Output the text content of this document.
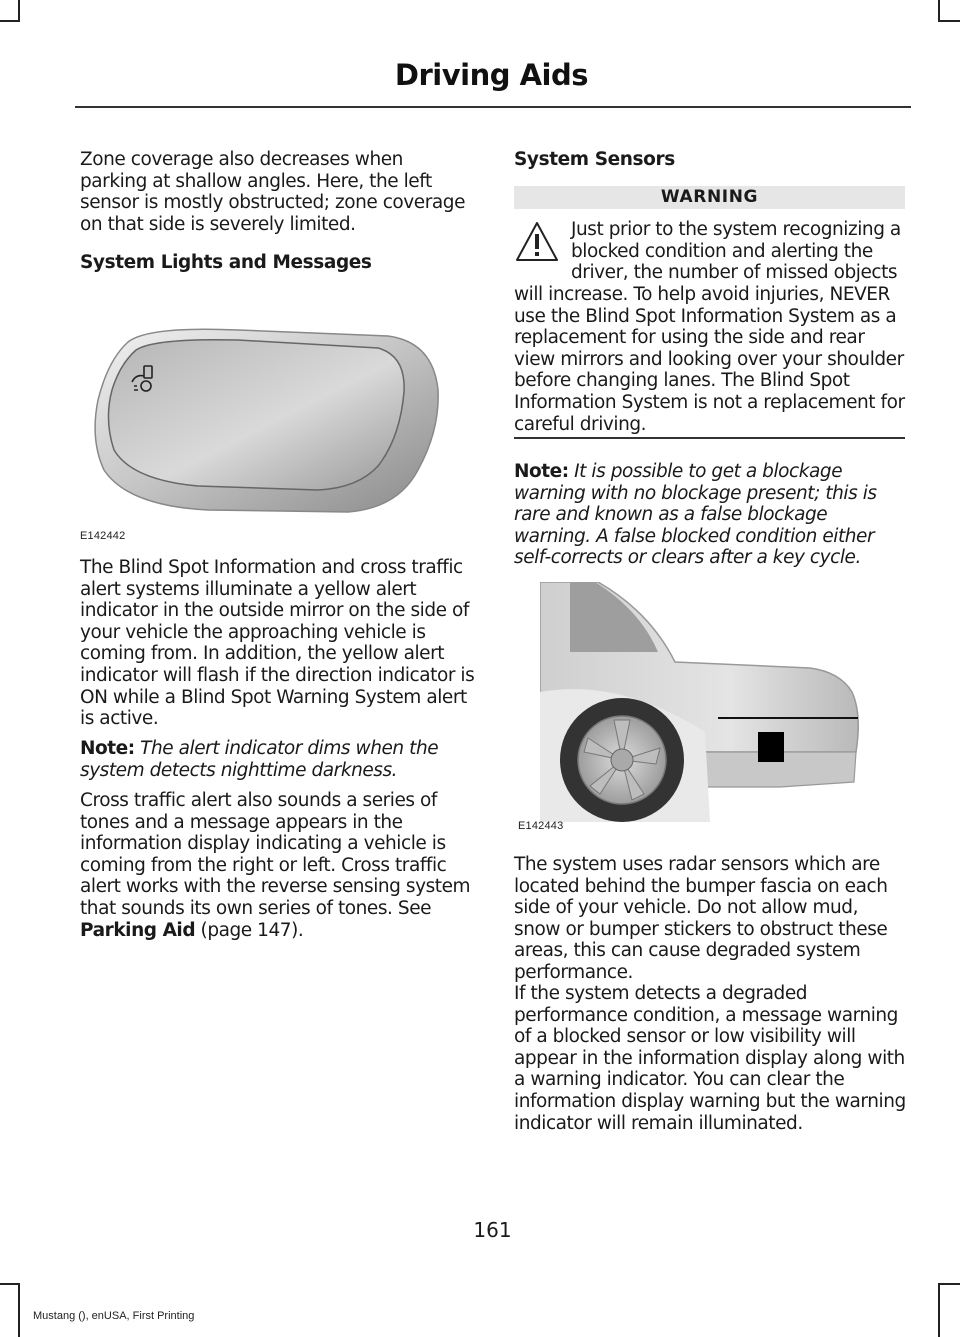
Driving Aids

Zone coverage also decreases when parking at shallow angles. Here, the left sensor is mostly obstructed; zone coverage on that side is severely limited.

System Lights and Messages
E142442

The Blind Spot Information and cross traffic alert systems illuminate a yellow alert indicator in the outside mirror on the side of your vehicle the approaching vehicle is coming from. In addition, the yellow alert indicator will flash if the direction indicator is ON while a Blind Spot Warning System alert is active.

Note: The alert indicator dims when the system detects nighttime darkness.

Cross traffic alert also sounds a series of tones and a message appears in the information display indicating a vehicle is coming from the right or left. Cross traffic alert works with the reverse sensing system that sounds its own series of tones. See Parking Aid (page 147).

System Sensors
WARNING

Just prior to the system recognizing a blocked condition and alerting the driver, the number of missed objects

will increase. To help avoid injuries, NEVER use the Blind Spot Information System as a replacement for using the side and rear view mirrors and looking over your shoulder before changing lanes. The Blind Spot Information System is not a replacement for careful driving.

Note: It is possible to get a blockage warning with no blockage present; this is rare and known as a false blockage warning. A false blocked condition either self-corrects or clears after a key cycle.

E142443

The system uses radar sensors which are located behind the bumper fascia on each side of your vehicle. Do not allow mud, snow or bumper stickers to obstruct these areas, this can cause degraded system performance.

If the system detects a degraded performance condition, a message warning of a blocked sensor or low visibility will appear in the information display along with a warning indicator. You can clear the information display warning but the warning indicator will remain illuminated.

161
Mustang (), enUSA, First Printing
